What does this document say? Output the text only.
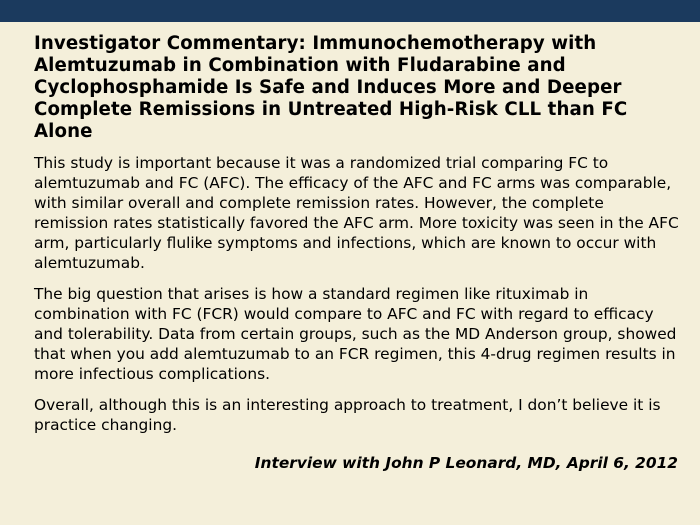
Investigator Commentary: Immunochemotherapy with Alemtuzumab in Combination with Fludarabine and Cyclophosphamide Is Safe and Induces More and Deeper Complete Remissions in Untreated High-Risk CLL than FC Alone

This study is important because it was a randomized trial comparing FC to alemtuzumab and FC (AFC). The efficacy of the AFC and FC arms was comparable, with similar overall and complete remission rates. However, the complete remission rates statistically favored the AFC arm. More toxicity was seen in the AFC arm, particularly flulike symptoms and infections, which are known to occur with alemtuzumab.

The big question that arises is how a standard regimen like rituximab in combination with FC (FCR) would compare to AFC and FC with regard to efficacy and tolerability. Data from certain groups, such as the MD Anderson group, showed that when you add alemtuzumab to an FCR regimen, this 4-drug regimen results in more infectious complications.

Overall, although this is an interesting approach to treatment, I don’t believe it is practice changing.

Interview with John P Leonard, MD, April 6, 2012
